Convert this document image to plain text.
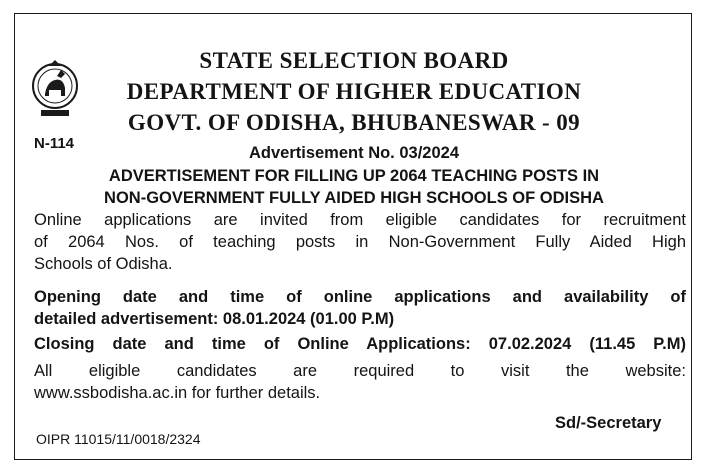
STATE SELECTION BOARD
DEPARTMENT OF HIGHER EDUCATION
GOVT. OF ODISHA, BHUBANESWAR - 09
N-114
Advertisement No. 03/2024
ADVERTISEMENT FOR FILLING UP 2064 TEACHING POSTS IN
NON-GOVERNMENT FULLY AIDED HIGH SCHOOLS OF ODISHA
Online applications are invited from eligible candidates for recruitment
of 2064 Nos. of teaching posts in Non-Government Fully Aided High
Schools of Odisha.
Opening date and time of online applications and availability of
detailed advertisement: 08.01.2024 (01.00 P.M)
Closing date and time of Online Applications: 07.02.2024 (11.45 P.M)
All eligible candidates are required to visit the website:
www.ssbodisha.ac.in for further details.
Sd/-Secretary
OIPR 11015/11/0018/2324
